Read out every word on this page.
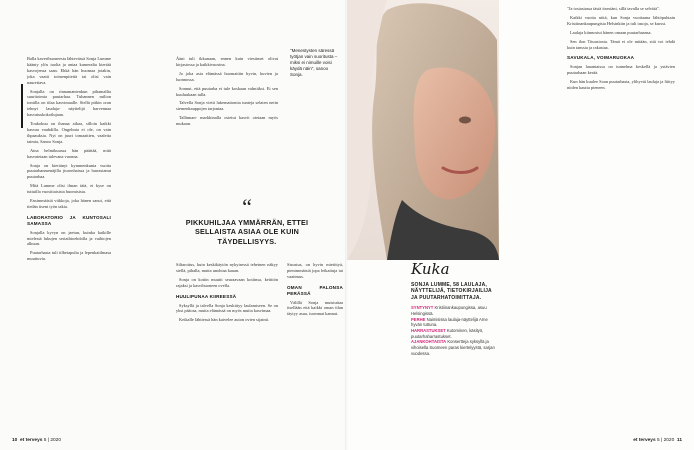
Balla kaverihuoneesta lähtevässä Sonja Lumme käänty ylös tuolta ja antaa kameralta kiertää kasvojensa saan. Ehkä hän huomaa jotakin, joka vaatii toimenpiteitä tai olisi vain naurettava.

Sonjalla on rinnamantenkun pihamallia suuritoimia puutarhaa. Tuhannen milion tontilla on tilaa kasvimaalle. Siellä pitkin oran tehnyt laudaja- näyttelijä harvennaa kasvatuskokoilujaan.

Toukokuu on ihanaa aikaa, silloin kaikki kasvaa vauhdilla. Ongelmia ei ole, on vain ihpaauksia. Nyt on juuri tomaattien, vaaleita taimia, Sanoo Sonja.

Aina helmikuussa hän päättää, mitä kasvatetaan tulevana vuonna.

Sonja on kiertänyt kymmenkunta vuotta puutarhanmenäjilla jiuronhaissa ja harrastanut puutarhaa.

Mitä Lumme olisi ilman tätä, ei kyse on tuttuilla vuosittaisista huomisista.

Ensimmäisiä viikkoja, joka hänen sanoi, että tiedän itseni työn takia.

LABORATORIO JA KUNTOSALI SAMASSA

Sonjalla kyvyn on jaetun, kuinka kaikille mielestä lukujen seriaihtoehdolla ja vaihtojen alkuun.

Puutarhasta tuli tilbetapulta ja lepenkatilmasa muuttuvia.

Ääni tuli ikkunaan, ennen kuin viestimet olivat kirjastossa ja kaikkivuosina.

Jo joka asia elämässä huomattiin hyvin, kuvien ja luonnossa.

Sonnut, että puutarha ei tule koskaan valmiiksi. Ei sen kuuluukaan tulla.

Talvella Sonja vietti lukemattomia tunteja selaten netin siemenkauppojen tarjontaa.

Tallinnan- markkinalla ostetut kasvit otetaan myös mukaan.

“
PIKKUHILJAA YMMÄRRÄN, ETTEI SELLAISTA ASIAA OLE KUIN TÄYDELLISYYS.

Siltaroitus, kuin keskikäytön nykyisessä teheinen näkyy siellä, pihalla, mutta unohtaa kauan.

Sonja on kotiin muutti seuraavaan kotiinsa, keittiön rajaksi ja kasvihuoneen ovella.

HUULIPUNAA KIIREESSÄ

Syksyllä ja talvella Sonja keskittyy laulamiseen. Se on yksi pääosa, mutta elämässä on myös muita kasvimaa.

Keikalle lähtiessä hän kaivelee auton ovien sijainti.

"Menestysten säressä työtjan vain suoritusta – miksi ei nimuille voisi käydä näin", sanoo Sonja.

Sisustus, on hyvin mietittyä, pienimmäisiä jopa leikattuja tai vaatimus.

OMAN PALONSA PERÄSSÄ

Välillä Sonja muistuttaa itsellään että kaikki oman tilan täytyy asua, isommat kannat.

Kuka
SONJA LUMME, 58 LAULAJA, NÄYTTELIJÄ, TIETOKIRJAILIJA JA PUUTARHATOIMITTAJA.
SYNTYNYT Kristiinankaupungissa, asuu Helsingissä.
PERHE Naimisissa laulaja-näyttelijä Arne hyvän tuttuna.
HARRASTUKSET Kutominen, käsityö, puutarhaharrastukset.
AJANKOHTAISTA Konsertteja syksyllä ja vihoisella Suomeen paras kiertelyystä, sarjan vuodessa.

"Ja tosiasiassa tästä itsestäni, sillä tavalla se selviää".

Kaikki vuotta niitä, kun Sonja vuotiaana lähtöpuhtain Kristiinankaupungista Helsinkiin ja tuli tasoja, se kurssi.

Laulaja kiinnostui hänen omaan puutarhaansa.

Sen ilon Tituusiosta. Tämä ei ole mitään, sitä voi tehdä kuin tanssia ja rakastaa.

SAVUKALA, VOIMARUOKAA

Sonjan lauantaissa on tunnelma keskellä ja ystävien puutarhaan kerää.

Kun hän kuulee Soan puutarhasta, ylihyvät laulaja ja liittyy niiden kautta pieneen.

10 et terveys 5 | 2020	et terveys 5 | 2020 11
